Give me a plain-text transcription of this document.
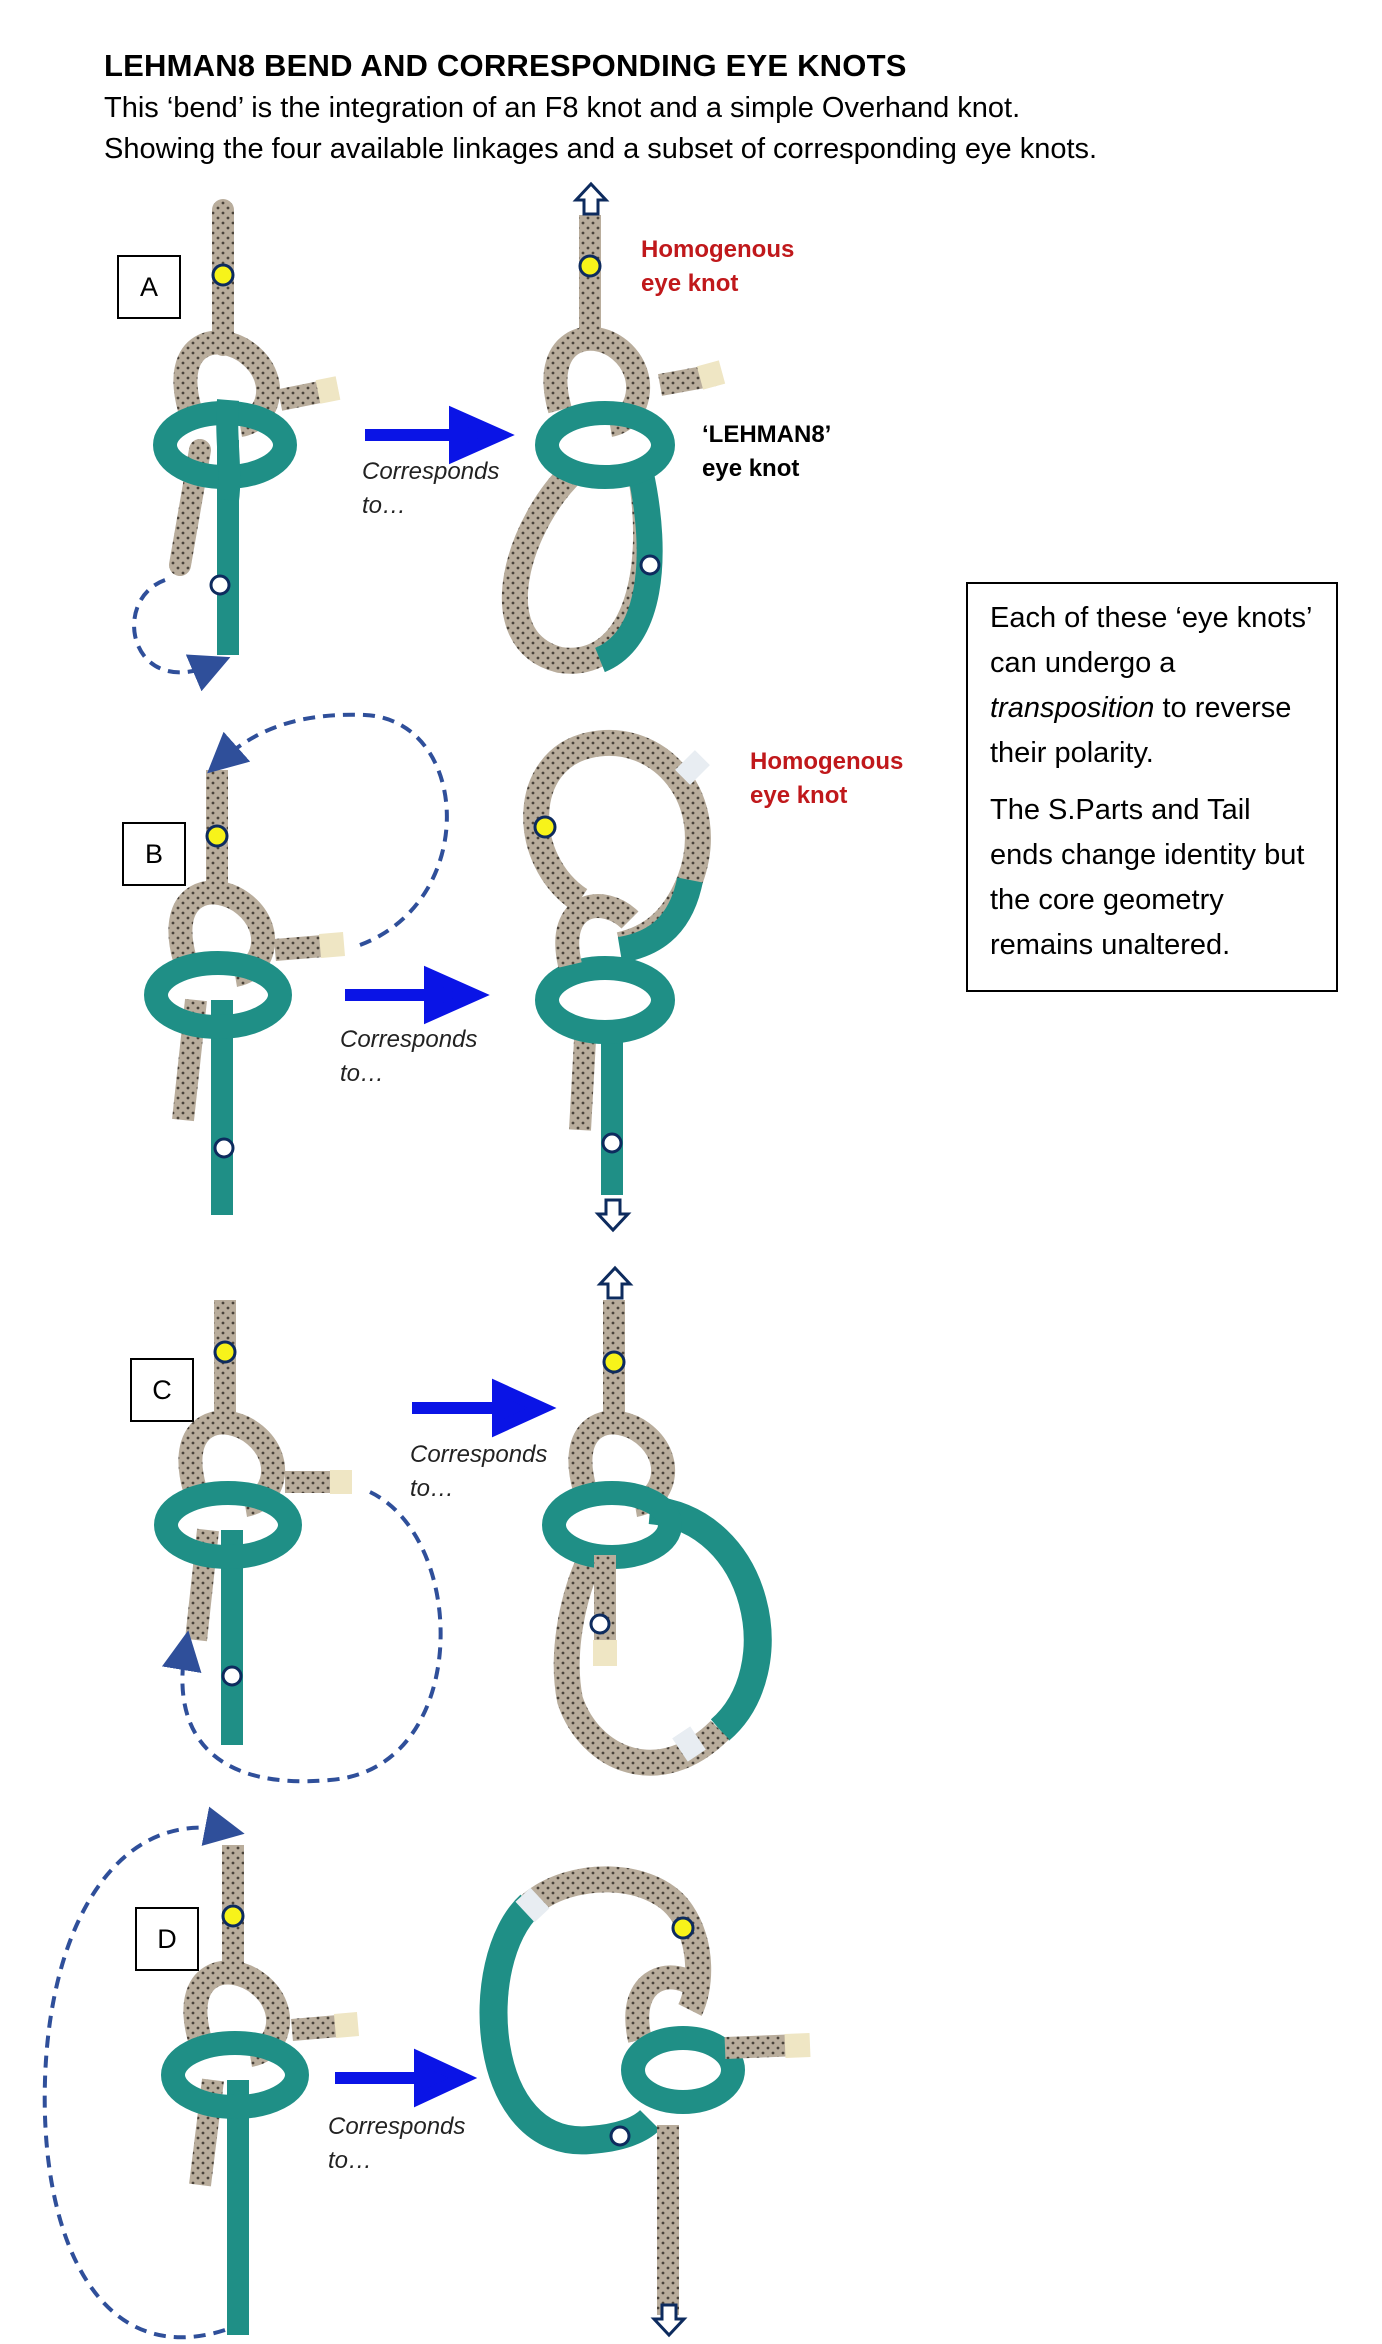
LEHMAN8 BEND AND CORRESPONDING EYE KNOTS
This ‘bend’ is the integration of an F8 knot and a simple Overhand knot.
Showing the four available linkages and a subset of corresponding eye knots.
A
B
C
D
Corresponds
to…
Corresponds
to…
Corresponds
to…
Corresponds
to…
Homogenous
eye knot
‘LEHMAN8’
eye knot
Homogenous
eye knot

Each of these ‘eye knots’ can undergo a transposition to reverse their polarity.

The S.Parts and Tail ends change identity but the core geometry remains unaltered.
